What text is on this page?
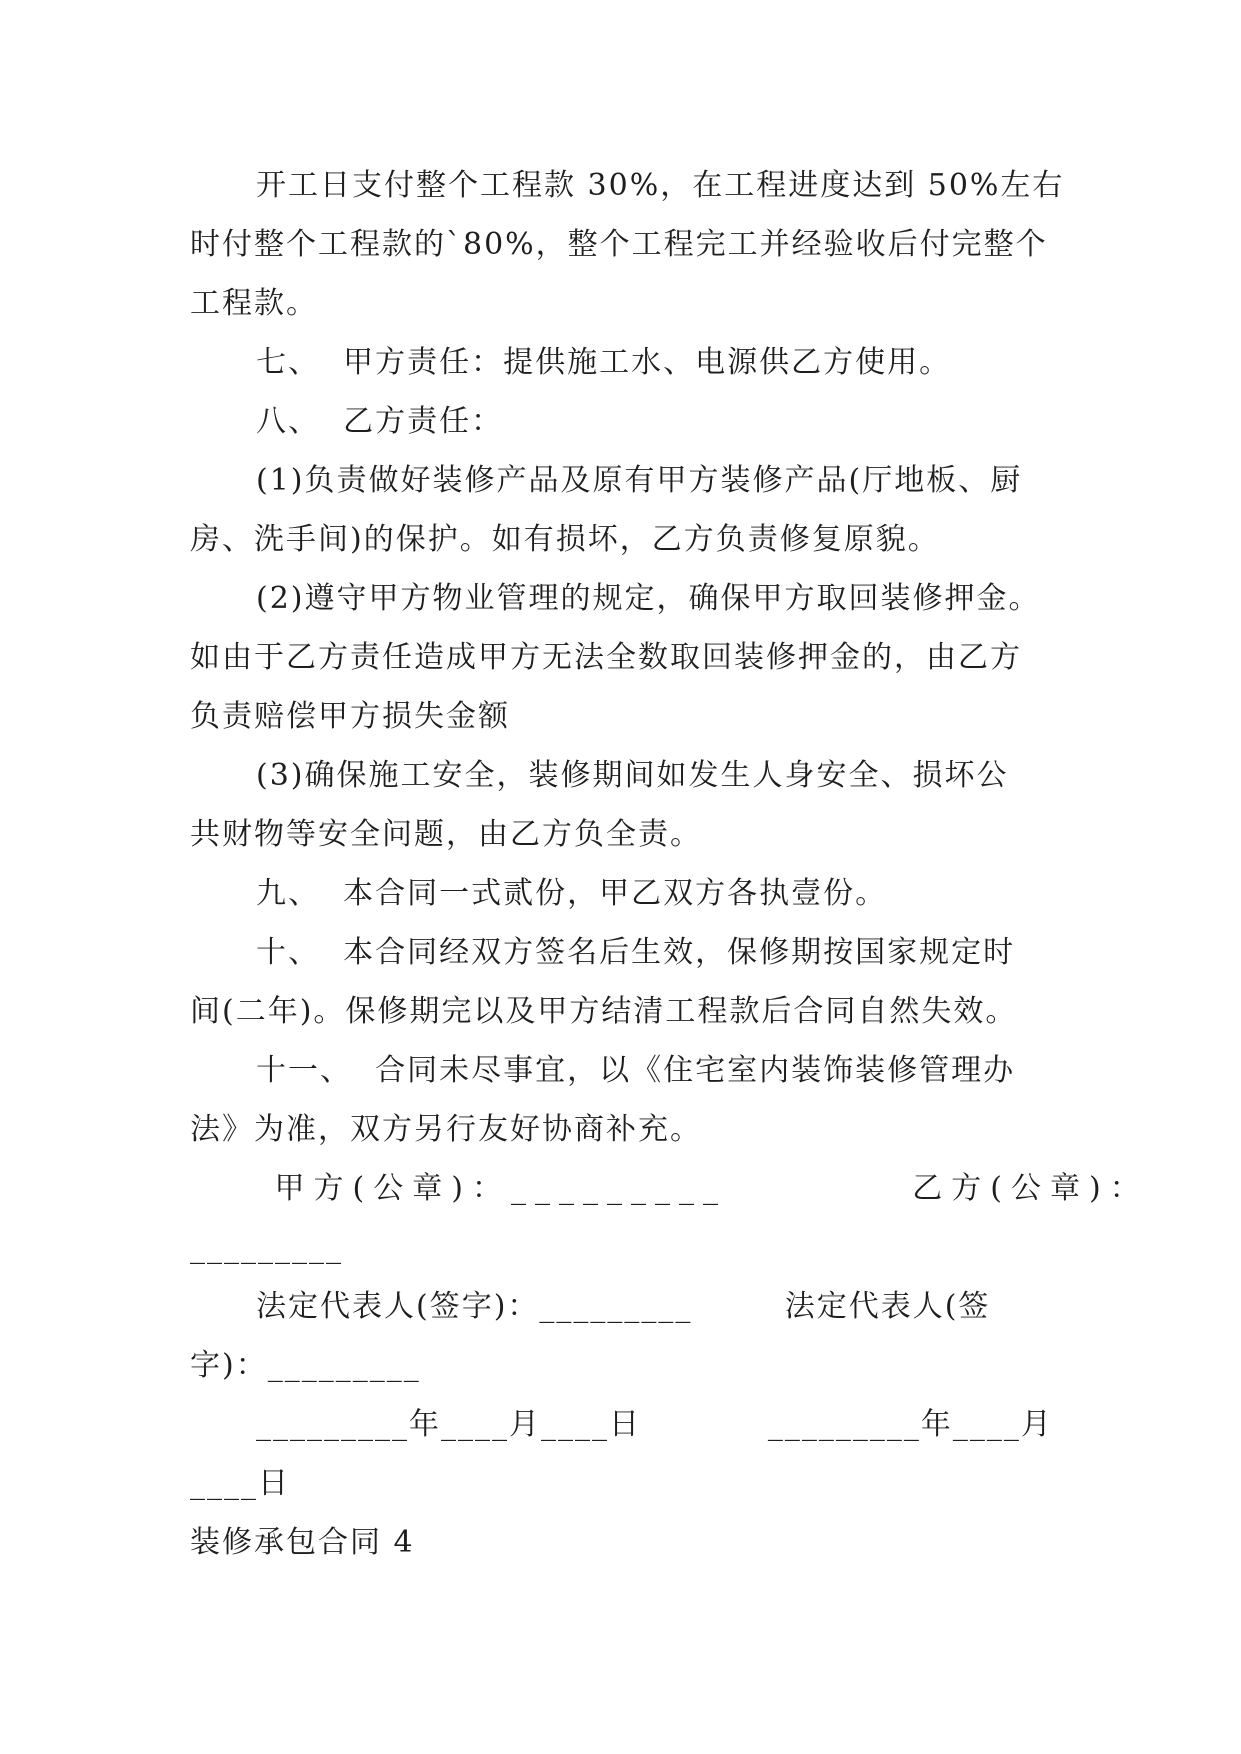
开工日支付整个工程款 30%，在工程进度达到 50%左右
时付整个工程款的`80%，整个工程完工并经验收后付完整个
工程款。
七、  甲方责任：提供施工水、电源供乙方使用。
八、  乙方责任：
(1)负责做好装修产品及原有甲方装修产品(厅地板、厨
房、洗手间)的保护。如有损坏，乙方负责修复原貌。
(2)遵守甲方物业管理的规定，确保甲方取回装修押金。
如由于乙方责任造成甲方无法全数取回装修押金的，由乙方
负责赔偿甲方损失金额
(3)确保施工安全，装修期间如发生人身安全、损坏公
共财物等安全问题，由乙方负全责。
九、  本合同一式贰份，甲乙双方各执壹份。
十、  本合同经双方签名后生效，保修期按国家规定时
间(二年)。保修期完以及甲方结清工程款后合同自然失效。
十一、  合同未尽事宜，以《住宅室内装饰装修管理办
法》为准，双方另行友好协商补充。
甲方(公章)：_________          乙方(公章)：
_________
法定代表人(签字)：_________        法定代表人(签
字)：_________
_________年____月____日           _________年____月
____日
装修承包合同 4
